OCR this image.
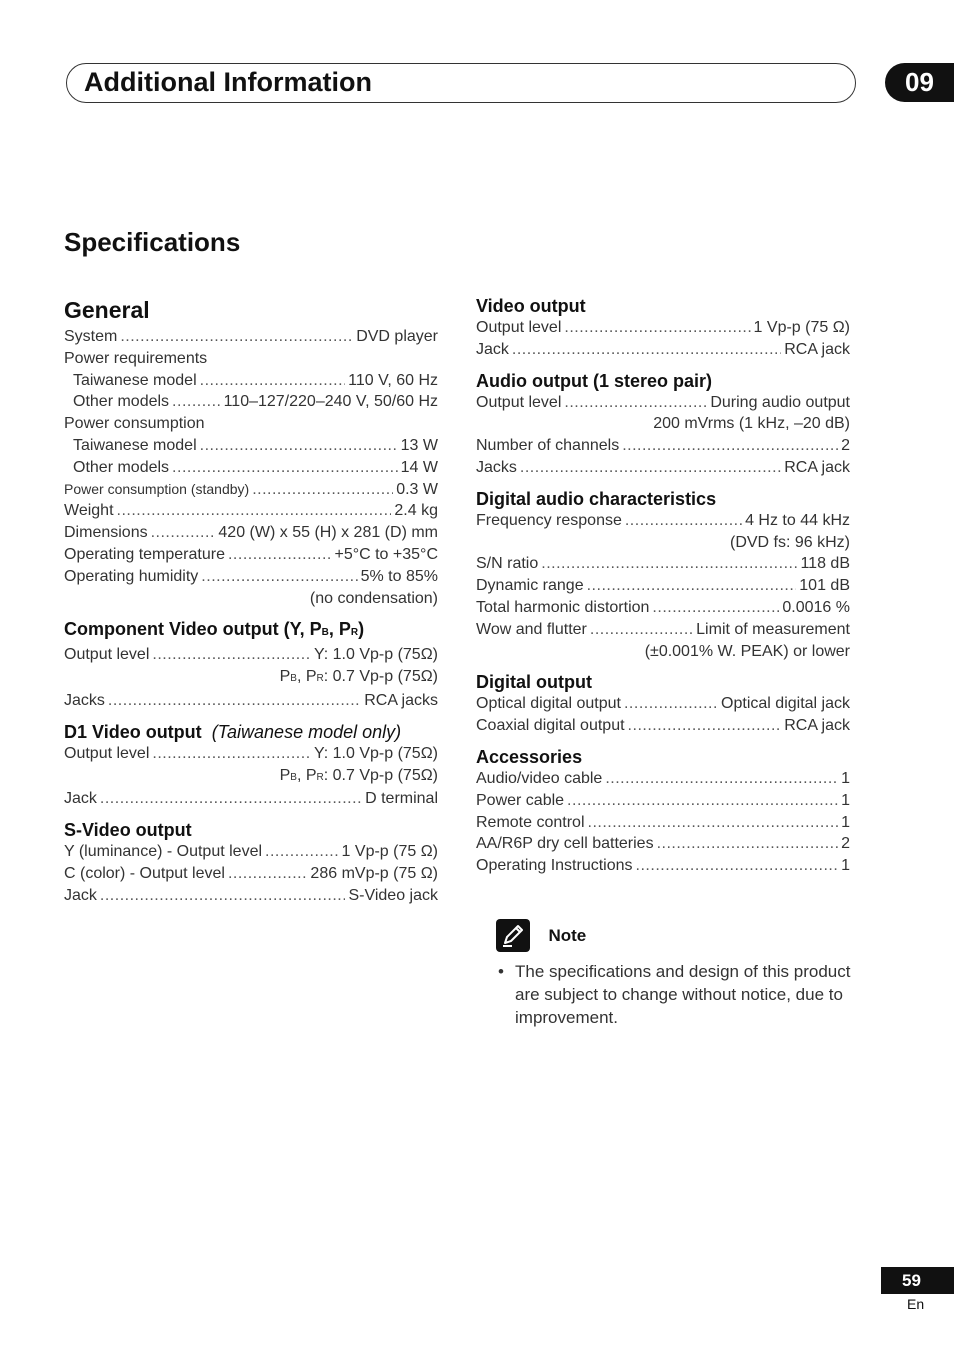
Additional Information	09
Specifications
General
System .....	DVD player
Power requirements
Taiwanese model .....	110 V, 60 Hz
Other models .....	110–127/220–240 V, 50/60 Hz
Power consumption
Taiwanese model .....	13 W
Other models .....	14 W
Power consumption (standby) .....	0.3 W
Weight .....	2.4 kg
Dimensions .....	420 (W) x 55 (H) x 281 (D) mm
Operating temperature .....	+5°C to +35°C
Operating humidity .....	5% to 85%
(no condensation)
Component Video output (Y, PB, PR)
Output level .....	Y: 1.0 Vp-p (75Ω)
PB, PR: 0.7 Vp-p (75Ω)
Jacks .....	RCA jacks
D1 Video output (Taiwanese model only)
Output level .....	Y: 1.0 Vp-p (75Ω)
PB, PR: 0.7 Vp-p (75Ω)
Jack .....	D terminal
S-Video output
Y (luminance) - Output level .....	1 Vp-p (75 Ω)
C (color) - Output level .....	286 mVp-p (75 Ω)
Jack .....	S-Video jack
Video output
Output level .....	1 Vp-p (75 Ω)
Jack .....	RCA jack
Audio output (1 stereo pair)
Output level .....	During audio output
200 mVrms (1 kHz, –20 dB)
Number of channels .....	2
Jacks .....	RCA jack
Digital audio characteristics
Frequency response .....	4 Hz to 44 kHz
(DVD fs: 96 kHz)
S/N ratio .....	118 dB
Dynamic range .....	101 dB
Total harmonic distortion .....	0.0016 %
Wow and flutter .....	Limit of measurement
(±0.001% W. PEAK) or lower
Digital output
Optical digital output .....	Optical digital jack
Coaxial digital output .....	RCA jack
Accessories
Audio/video cable .....	1
Power cable .....	1
Remote control .....	1
AA/R6P dry cell batteries .....	2
Operating Instructions .....	1
Note
• The specifications and design of this product are subject to change without notice, due to improvement.
59
En
